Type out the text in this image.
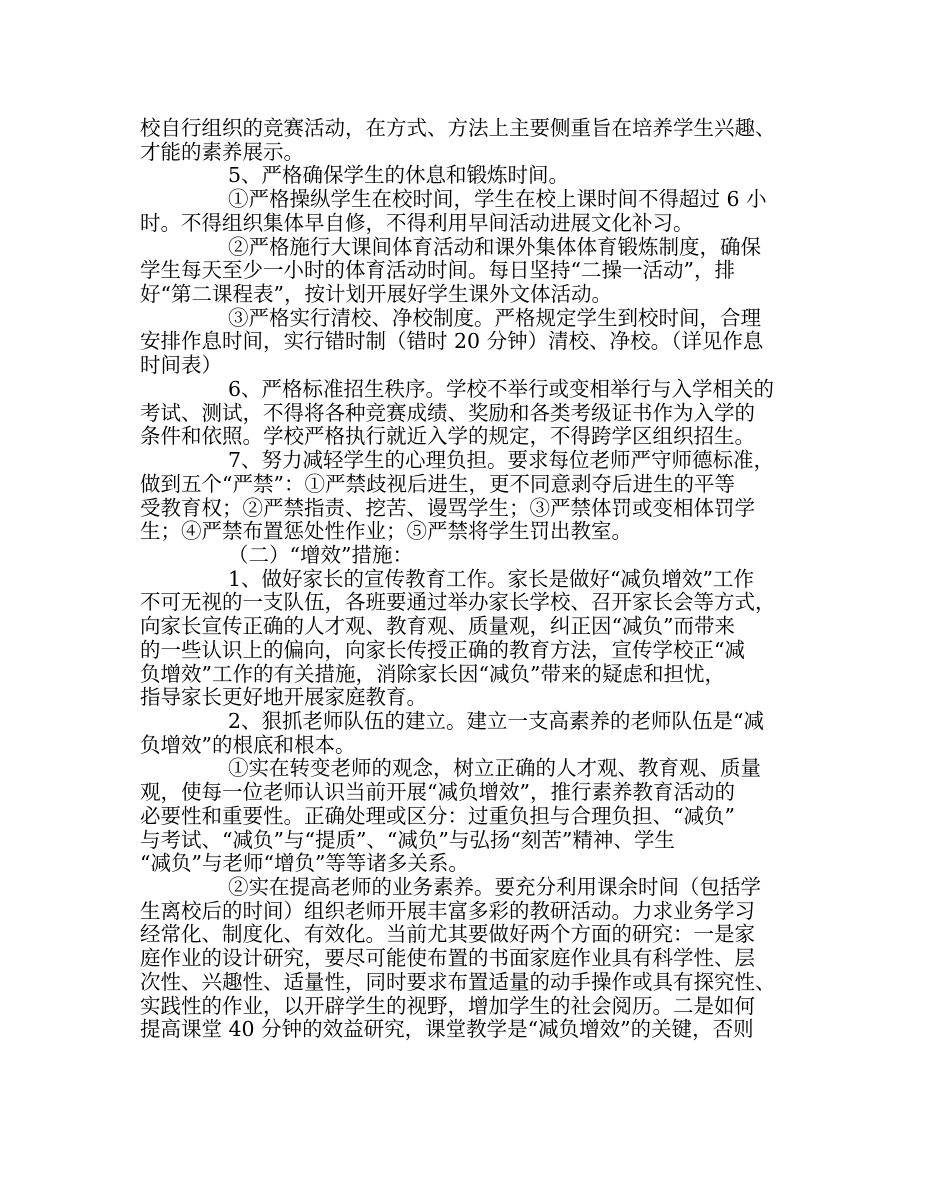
校自行组织的竞赛活动，在方式、方法上主要侧重旨在培养学生兴趣、
才能的素养展示。
5、严格确保学生的休息和锻炼时间。
①严格操纵学生在校时间，学生在校上课时间不得超过 6 小
时。不得组织集体早自修，不得利用早间活动进展文化补习。
②严格施行大课间体育活动和课外集体体育锻炼制度，确保
学生每天至少一小时的体育活动时间。每日坚持“二操一活动”，排
好“第二课程表”，按计划开展好学生课外文体活动。
③严格实行清校、净校制度。严格规定学生到校时间，合理
安排作息时间，实行错时制（错时 20 分钟）清校、净校。（详见作息
时间表）
6、严格标准招生秩序。学校不举行或变相举行与入学相关的
考试、测试，不得将各种竞赛成绩、奖励和各类考级证书作为入学的
条件和依照。学校严格执行就近入学的规定，不得跨学区组织招生。
7、努力减轻学生的心理负担。要求每位老师严守师德标准，
做到五个“严禁”：①严禁歧视后进生，更不同意剥夺后进生的平等
受教育权；②严禁指责、挖苦、谩骂学生；③严禁体罚或变相体罚学
生；④严禁布置惩处性作业；⑤严禁将学生罚出教室。
（二）“增效”措施：
1、做好家长的宣传教育工作。家长是做好“减负增效”工作
不可无视的一支队伍，各班要通过举办家长学校、召开家长会等方式，
向家长宣传正确的人才观、教育观、质量观，纠正因“减负”而带来
的一些认识上的偏向，向家长传授正确的教育方法，宣传学校正“减
负增效”工作的有关措施，消除家长因“减负”带来的疑虑和担忧，
指导家长更好地开展家庭教育。
2、狠抓老师队伍的建立。建立一支高素养的老师队伍是“减
负增效”的根底和根本。
①实在转变老师的观念，树立正确的人才观、教育观、质量
观，使每一位老师认识当前开展“减负增效”，推行素养教育活动的
必要性和重要性。正确处理或区分：过重负担与合理负担、“减负”
与考试、“减负”与“提质”、“减负”与弘扬“刻苦”精神、学生
“减负”与老师“增负”等等诸多关系。
②实在提高老师的业务素养。要充分利用课余时间（包括学
生离校后的时间）组织老师开展丰富多彩的教研活动。力求业务学习
经常化、制度化、有效化。当前尤其要做好两个方面的研究：一是家
庭作业的设计研究，要尽可能使布置的书面家庭作业具有科学性、层
次性、兴趣性、适量性，同时要求布置适量的动手操作或具有探究性、
实践性的作业，以开辟学生的视野，增加学生的社会阅历。二是如何
提高课堂 40 分钟的效益研究，课堂教学是“减负增效”的关键，否则
